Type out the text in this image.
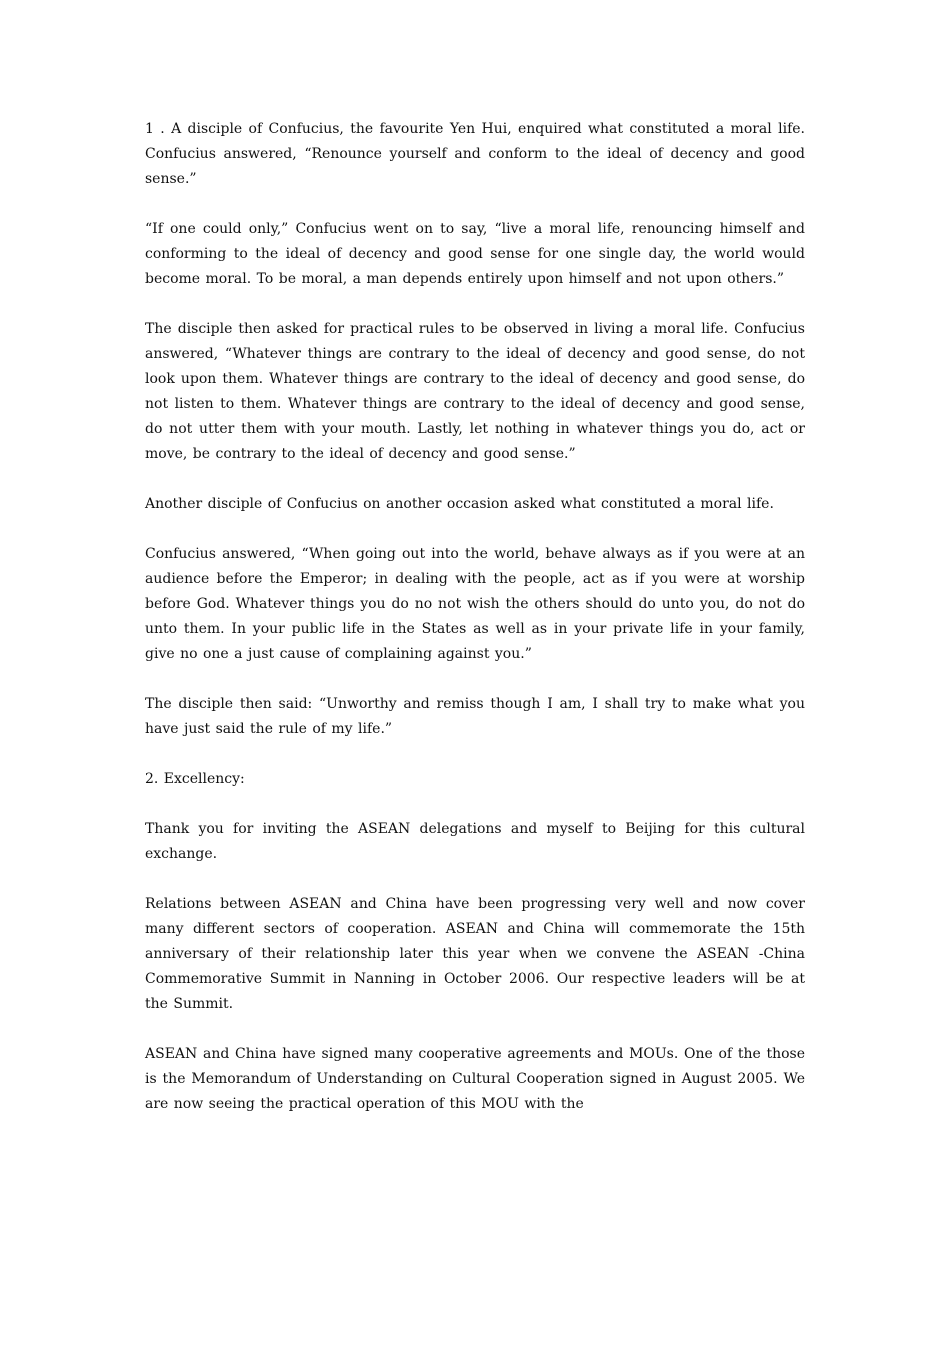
1 . A disciple of Confucius, the favourite Yen Hui, enquired what constituted a moral life. Confucius answered, “Renounce yourself and conform to the ideal of decency and good sense.”

“If one could only,” Confucius went on to say, “live a moral life, renouncing himself and conforming to the ideal of decency and good sense for one single day, the world would become moral. To be moral, a man depends entirely upon himself and not upon others.”

The disciple then asked for practical rules to be observed in living a moral life. Confucius answered, “Whatever things are contrary to the ideal of decency and good sense, do not look upon them. Whatever things are contrary to the ideal of decency and good sense, do not listen to them. Whatever things are contrary to the ideal of decency and good sense, do not utter them with your mouth. Lastly, let nothing in whatever things you do, act or move, be contrary to the ideal of decency and good sense.”

Another disciple of Confucius on another occasion asked what constituted a moral life.

Confucius answered, “When going out into the world, behave always as if you were at an audience before the Emperor; in dealing with the people, act as if you were at worship before God. Whatever things you do no not wish the others should do unto you, do not do unto them. In your public life in the States as well as in your private life in your family, give no one a just cause of complaining against you.”

The disciple then said: “Unworthy and remiss though I am, I shall try to make what you have just said the rule of my life.”

2. Excellency:

Thank you for inviting the ASEAN delegations and myself to Beijing for this cultural exchange.

Relations between ASEAN and China have been progressing very well and now cover many different sectors of cooperation. ASEAN and China will commemorate the 15th anniversary of their relationship later this year when we convene the ASEAN -China Commemorative Summit in Nanning in October 2006. Our respective leaders will be at the Summit.

ASEAN and China have signed many cooperative agreements and MOUs. One of the those is the Memorandum of Understanding on Cultural Cooperation signed in August 2005. We are now seeing the practical operation of this MOU with the
